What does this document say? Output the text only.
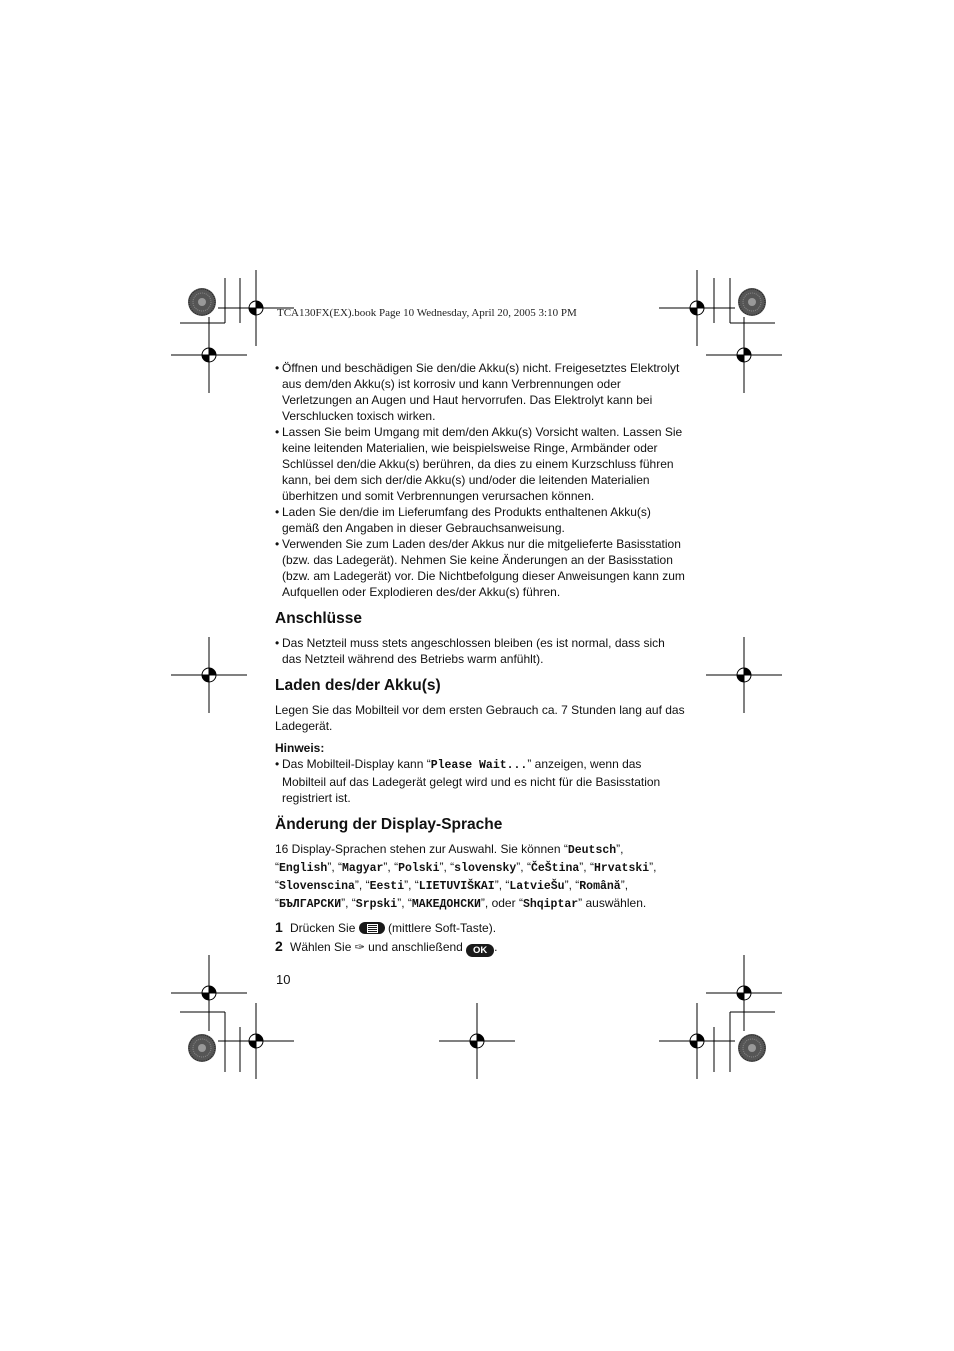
TCA130FX(EX).book Page 10 Wednesday, April 20, 2005 3:10 PM

• Öffnen und beschädigen Sie den/die Akku(s) nicht. Freigesetztes Elektrolyt aus dem/den Akku(s) ist korrosiv und kann Verbrennungen oder Verletzungen an Augen und Haut hervorrufen. Das Elektrolyt kann bei Verschlucken toxisch wirken.

• Lassen Sie beim Umgang mit dem/den Akku(s) Vorsicht walten. Lassen Sie keine leitenden Materialien, wie beispielsweise Ringe, Armbänder oder Schlüssel den/die Akku(s) berühren, da dies zu einem Kurzschluss führen kann, bei dem sich der/die Akku(s) und/oder die leitenden Materialien überhitzen und somit Verbrennungen verursachen können.

• Laden Sie den/die im Lieferumfang des Produkts enthaltenen Akku(s) gemäß den Angaben in dieser Gebrauchsanweisung.

• Verwenden Sie zum Laden des/der Akkus nur die mitgelieferte Basisstation (bzw. das Ladegerät). Nehmen Sie keine Änderungen an der Basisstation (bzw. am Ladegerät) vor. Die Nichtbefolgung dieser Anweisungen kann zum Aufquellen oder Explodieren des/der Akku(s) führen.

Anschlüsse

• Das Netzteil muss stets angeschlossen bleiben (es ist normal, dass sich das Netzteil während des Betriebs warm anfühlt).

Laden des/der Akku(s)

Legen Sie das Mobilteil vor dem ersten Gebrauch ca. 7 Stunden lang auf das Ladegerät.

Hinweis:

• Das Mobilteil-Display kann “Please Wait...” anzeigen, wenn das Mobilteil auf das Ladegerät gelegt wird und es nicht für die Basisstation registriert ist.

Änderung der Display-Sprache

16 Display-Sprachen stehen zur Auswahl. Sie können “Deutsch”, “English”, “Magyar”, “Polski”, “slovensky”, “ČeŠtina”, “Hrvatski”, “Slovenscina”, “Eesti”, “LIETUVIŠKAI”, “LatvieŠu”, “Română”, “БЪЛГАРСКИ”, “Srpski”, “МАКЕДОНСКИ”, oder “Shqiptar” auswählen.

1 Drücken Sie  (mittlere Soft-Taste).

2 Wählen Sie ✑ und anschließend OK .

10
